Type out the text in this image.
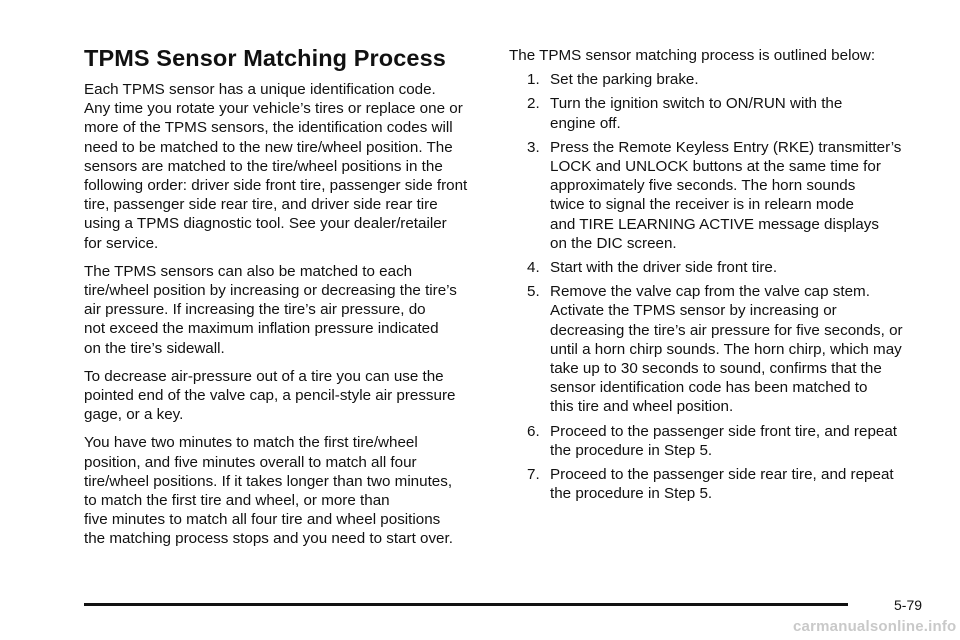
TPMS Sensor Matching Process

Each TPMS sensor has a unique identification code.
Any time you rotate your vehicle’s tires or replace one or
more of the TPMS sensors, the identification codes will
need to be matched to the new tire/wheel position. The
sensors are matched to the tire/wheel positions in the
following order: driver side front tire, passenger side front
tire, passenger side rear tire, and driver side rear tire
using a TPMS diagnostic tool. See your dealer/retailer
for service.

The TPMS sensors can also be matched to each
tire/wheel position by increasing or decreasing the tire’s
air pressure. If increasing the tire’s air pressure, do
not exceed the maximum inflation pressure indicated
on the tire’s sidewall.

To decrease air-pressure out of a tire you can use the
pointed end of the valve cap, a pencil-style air pressure
gage, or a key.

You have two minutes to match the first tire/wheel
position, and five minutes overall to match all four
tire/wheel positions. If it takes longer than two minutes,
to match the first tire and wheel, or more than
five minutes to match all four tire and wheel positions
the matching process stops and you need to start over.

The TPMS sensor matching process is outlined below:

1. Set the parking brake.
2. Turn the ignition switch to ON/RUN with the
engine off.
3. Press the Remote Keyless Entry (RKE) transmitter’s
LOCK and UNLOCK buttons at the same time for
approximately five seconds. The horn sounds
twice to signal the receiver is in relearn mode
and TIRE LEARNING ACTIVE message displays
on the DIC screen.
4. Start with the driver side front tire.
5. Remove the valve cap from the valve cap stem.
Activate the TPMS sensor by increasing or
decreasing the tire’s air pressure for five seconds, or
until a horn chirp sounds. The horn chirp, which may
take up to 30 seconds to sound, confirms that the
sensor identification code has been matched to
this tire and wheel position.
6. Proceed to the passenger side front tire, and repeat
the procedure in Step 5.
7. Proceed to the passenger side rear tire, and repeat
the procedure in Step 5.
5-79
carmanualsonline.info
